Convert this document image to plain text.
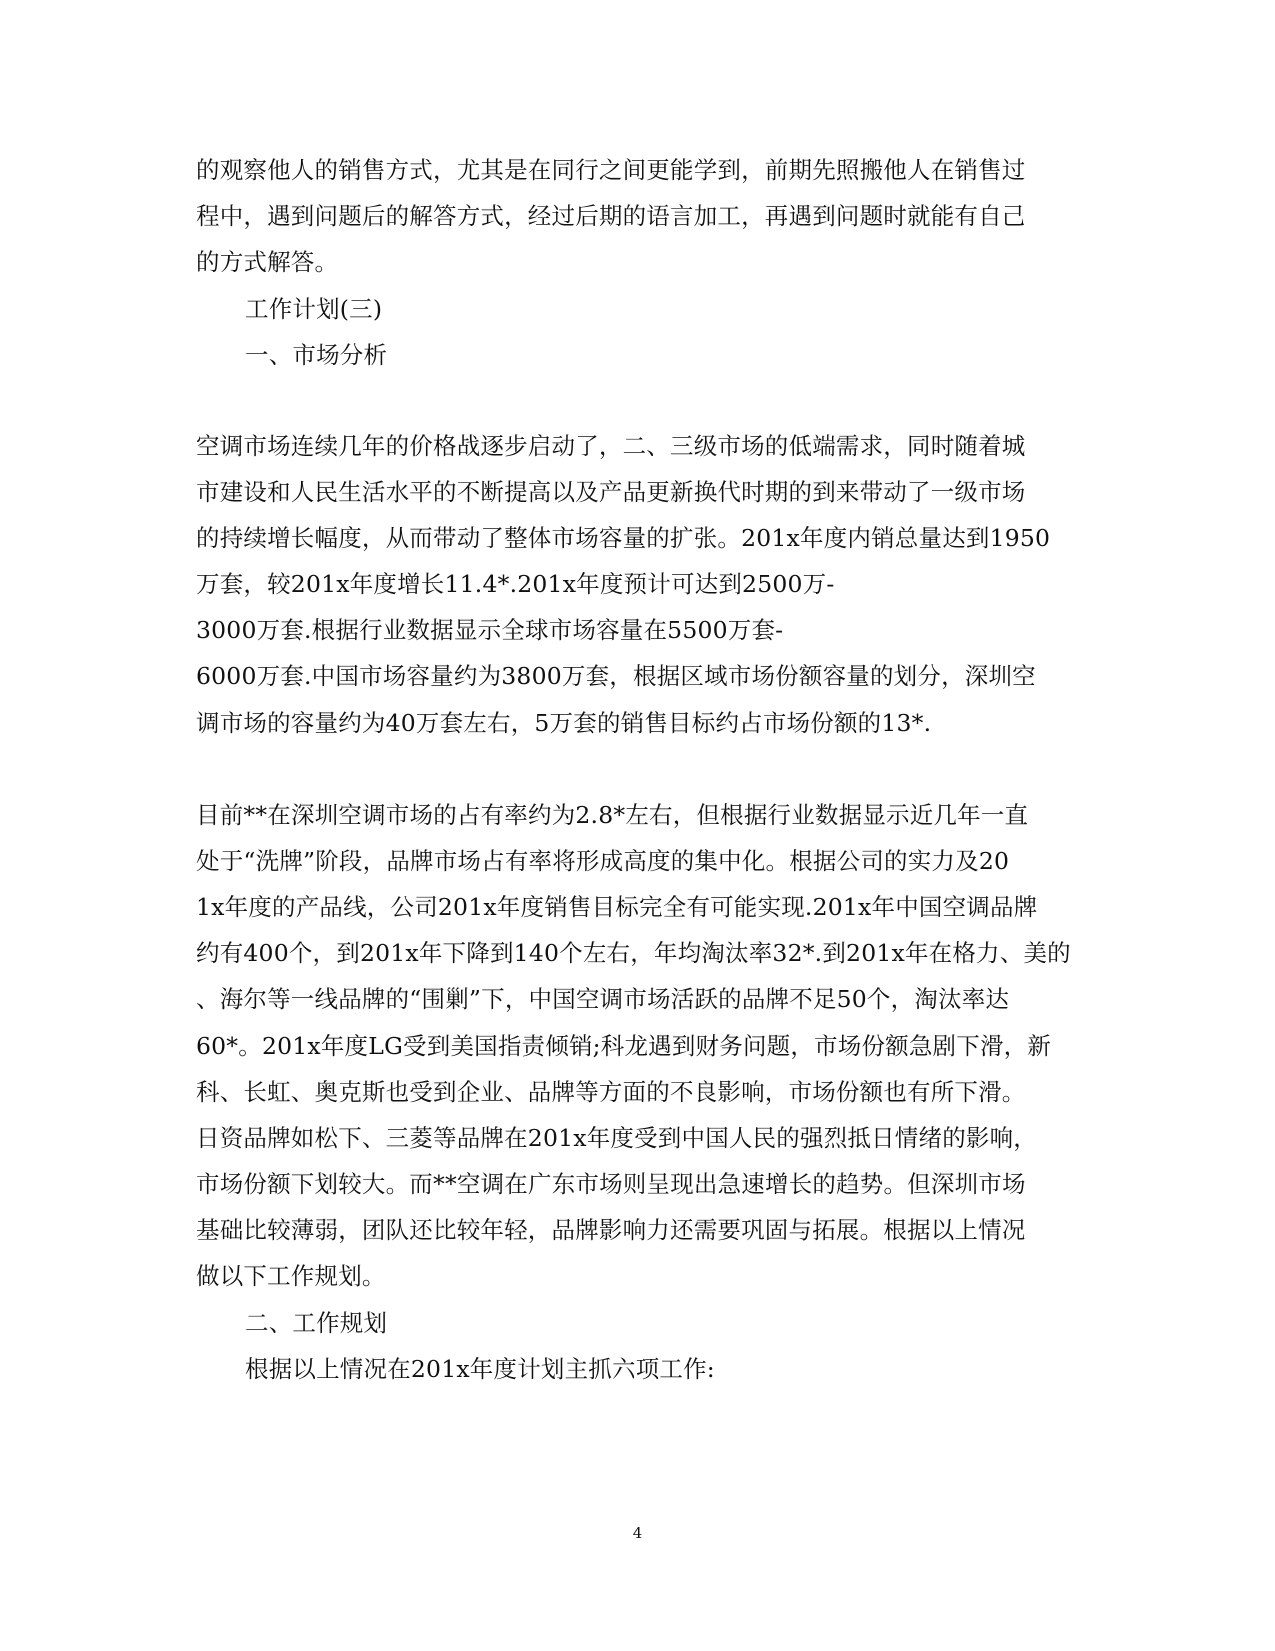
的观察他人的销售方式，尤其是在同行之间更能学到，前期先照搬他人在销售过
程中，遇到问题后的解答方式，经过后期的语言加工，再遇到问题时就能有自己
的方式解答。
工作计划(三)
一、市场分析
空调市场连续几年的价格战逐步启动了，二、三级市场的低端需求，同时随着城
市建设和人民生活水平的不断提高以及产品更新换代时期的到来带动了一级市场
的持续增长幅度，从而带动了整体市场容量的扩张。201x年度内销总量达到1950
万套，较201x年度增长11.4*.201x年度预计可达到2500万-
3000万套.根据行业数据显示全球市场容量在5500万套-
6000万套.中国市场容量约为3800万套，根据区域市场份额容量的划分，深圳空
调市场的容量约为40万套左右，5万套的销售目标约占市场份额的13*.
目前**在深圳空调市场的占有率约为2.8*左右，但根据行业数据显示近几年一直
处于“洗牌”阶段，品牌市场占有率将形成高度的集中化。根据公司的实力及20
1x年度的产品线，公司201x年度销售目标完全有可能实现.201x年中国空调品牌
约有400个，到201x年下降到140个左右，年均淘汰率32*.到201x年在格力、美的
、海尔等一线品牌的“围剿”下，中国空调市场活跃的品牌不足50个，淘汰率达
60*。201x年度LG受到美国指责倾销;科龙遇到财务问题，市场份额急剧下滑，新
科、长虹、奥克斯也受到企业、品牌等方面的不良影响，市场份额也有所下滑。
日资品牌如松下、三菱等品牌在201x年度受到中国人民的强烈抵日情绪的影响，
市场份额下划较大。而**空调在广东市场则呈现出急速增长的趋势。但深圳市场
基础比较薄弱，团队还比较年轻，品牌影响力还需要巩固与拓展。根据以上情况
做以下工作规划。
二、工作规划
根据以上情况在201x年度计划主抓六项工作:
4
